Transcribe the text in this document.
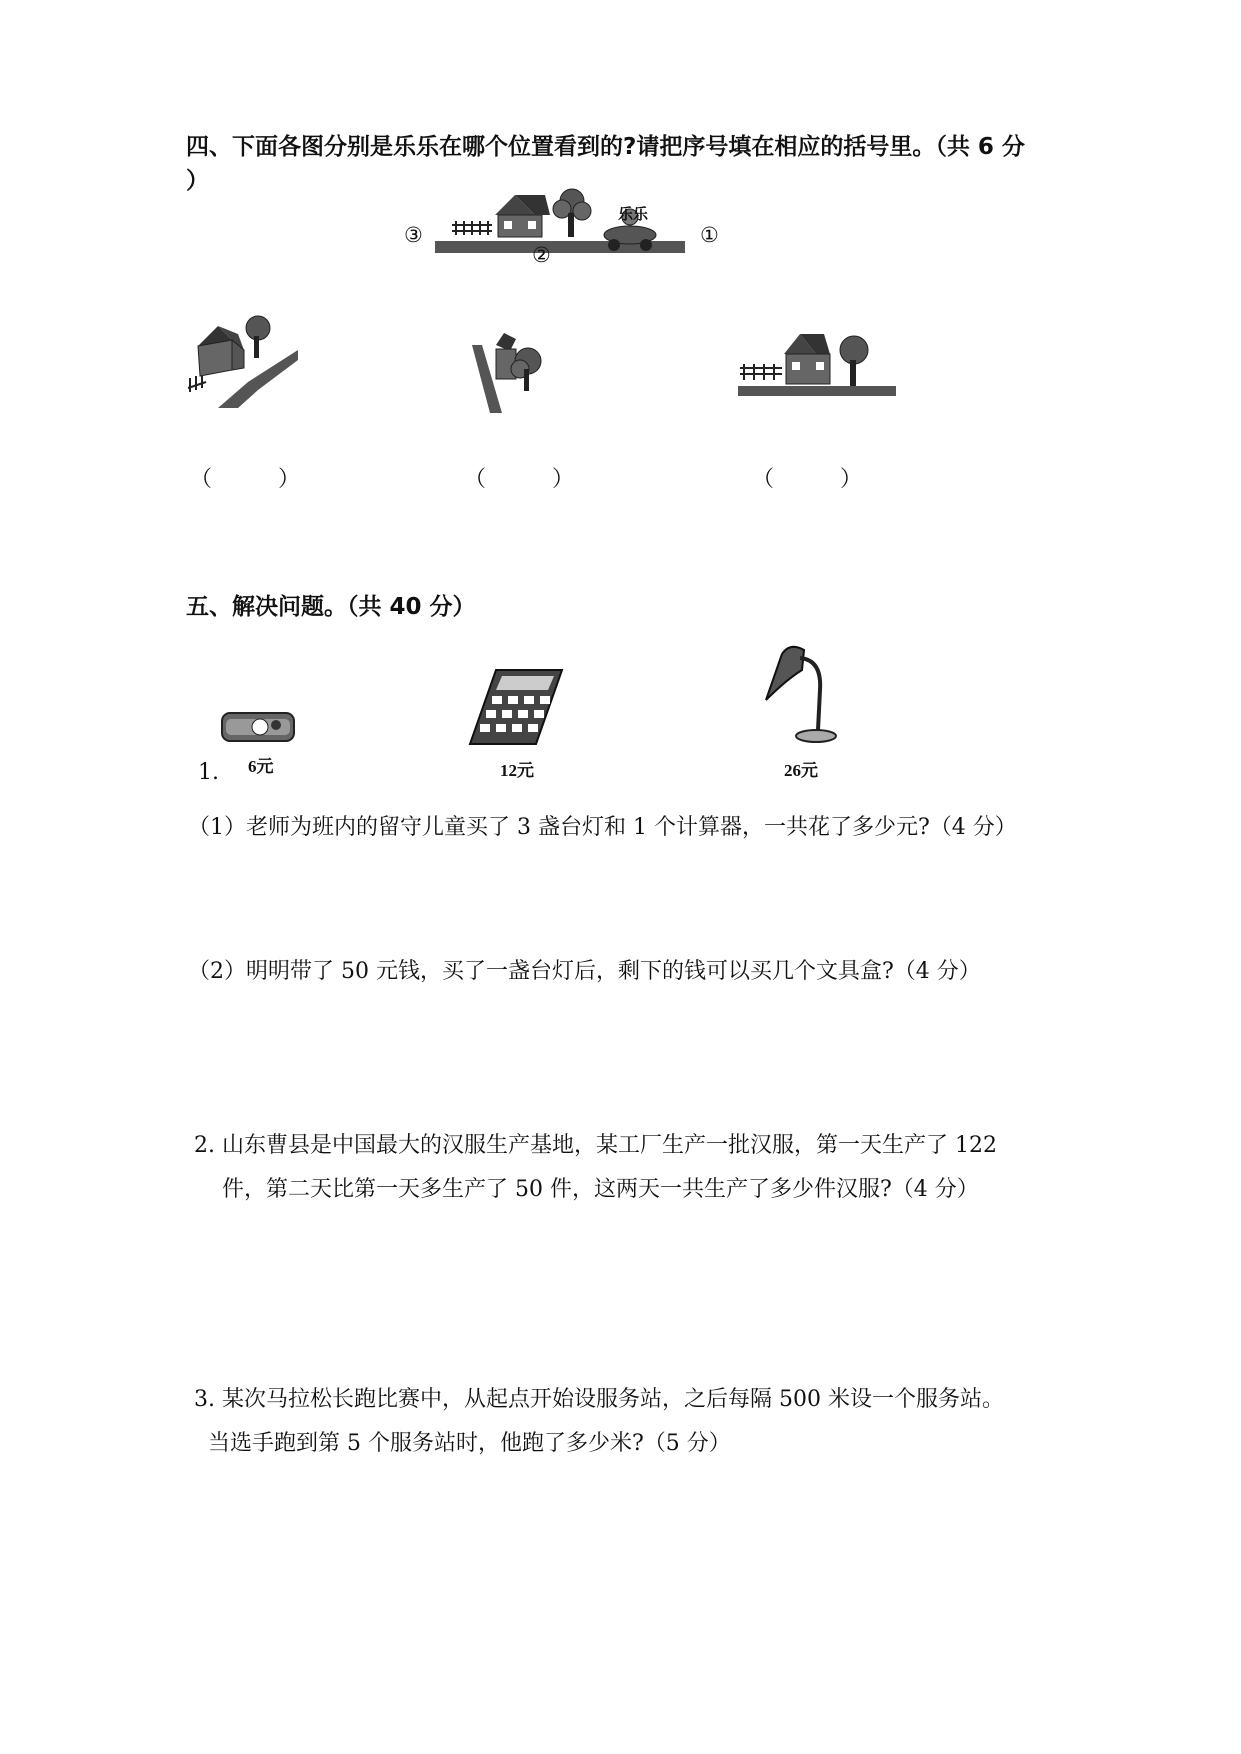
四、下面各图分别是乐乐在哪个位置看到的?请把序号填在相应的括号里。（共 6 分
）
乐乐
①
②
③
（　　　）	（　　　）	（　　　）
五、解决问题。（共 40 分）
6元	12元	26元
1.
（1）老师为班内的留守儿童买了 3 盏台灯和 1 个计算器，一共花了多少元?（4 分）
（2）明明带了 50 元钱，买了一盏台灯后，剩下的钱可以买几个文具盒?（4 分）
2. 山东曹县是中国最大的汉服生产基地，某工厂生产一批汉服，第一天生产了 122
件，第二天比第一天多生产了 50 件，这两天一共生产了多少件汉服?（4 分）
3. 某次马拉松长跑比赛中，从起点开始设服务站，之后每隔 500 米设一个服务站。
当选手跑到第 5 个服务站时，他跑了多少米?（5 分）
